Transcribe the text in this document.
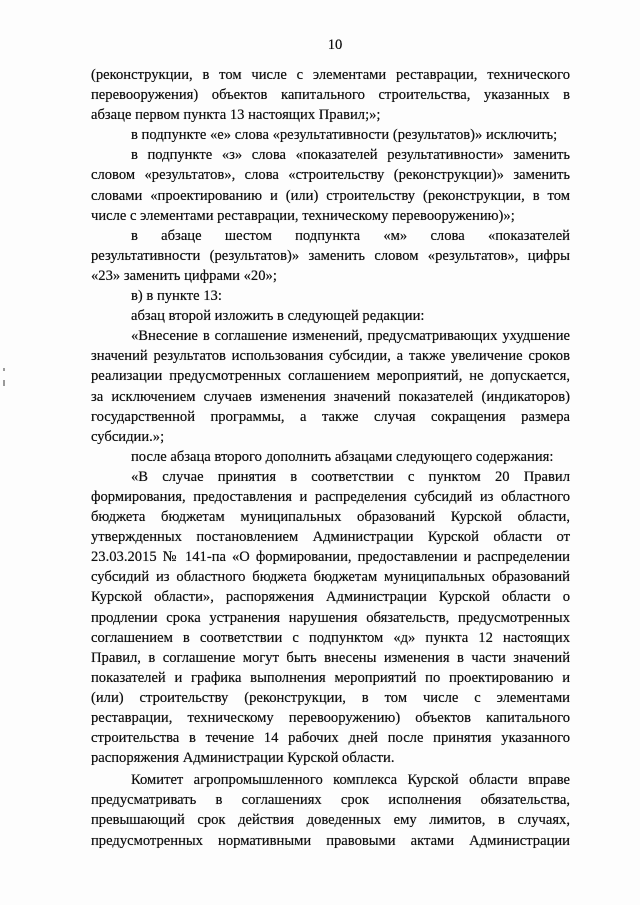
10
(реконструкции, в том числе с элементами реставрации, технического
перевооружения) объектов капитального строительства, указанных в
абзаце первом пункта 13 настоящих Правил;»;
в подпункте «е» слова «результативности (результатов)» исключить;
в подпункте «з» слова «показателей результативности» заменить
словом «результатов», слова «строительству (реконструкции)» заменить
словами «проектированию и (или) строительству (реконструкции, в том
числе с элементами реставрации, техническому перевооружению)»;
в абзаце шестом подпункта «м» слова «показателей
результативности (результатов)» заменить словом «результатов», цифры
«23» заменить цифрами «20»;
в) в пункте 13:
абзац второй изложить в следующей редакции:
«Внесение в соглашение изменений, предусматривающих ухудшение
значений результатов использования субсидии, а также увеличение сроков
реализации предусмотренных соглашением мероприятий, не допускается,
за исключением случаев изменения значений показателей (индикаторов)
государственной программы, а также случая сокращения размера
субсидии.»;
после абзаца второго дополнить абзацами следующего содержания:
«В случае принятия в соответствии с пунктом 20 Правил
формирования, предоставления и распределения субсидий из областного
бюджета бюджетам муниципальных образований Курской области,
утвержденных постановлением Администрации Курской области от
23.03.2015 № 141-па «О формировании, предоставлении и распределении
субсидий из областного бюджета бюджетам муниципальных образований
Курской области», распоряжения Администрации Курской области о
продлении срока устранения нарушения обязательств, предусмотренных
соглашением в соответствии с подпунктом «д» пункта 12 настоящих
Правил, в соглашение могут быть внесены изменения в части значений
показателей и графика выполнения мероприятий по проектированию и
(или) строительству (реконструкции, в том числе с элементами
реставрации, техническому перевооружению) объектов капитального
строительства в течение 14 рабочих дней после принятия указанного
распоряжения Администрации Курской области.
Комитет агропромышленного комплекса Курской области вправе
предусматривать в соглашениях срок исполнения обязательства,
превышающий срок действия доведенных ему лимитов, в случаях,
предусмотренных нормативными правовыми актами Администрации
